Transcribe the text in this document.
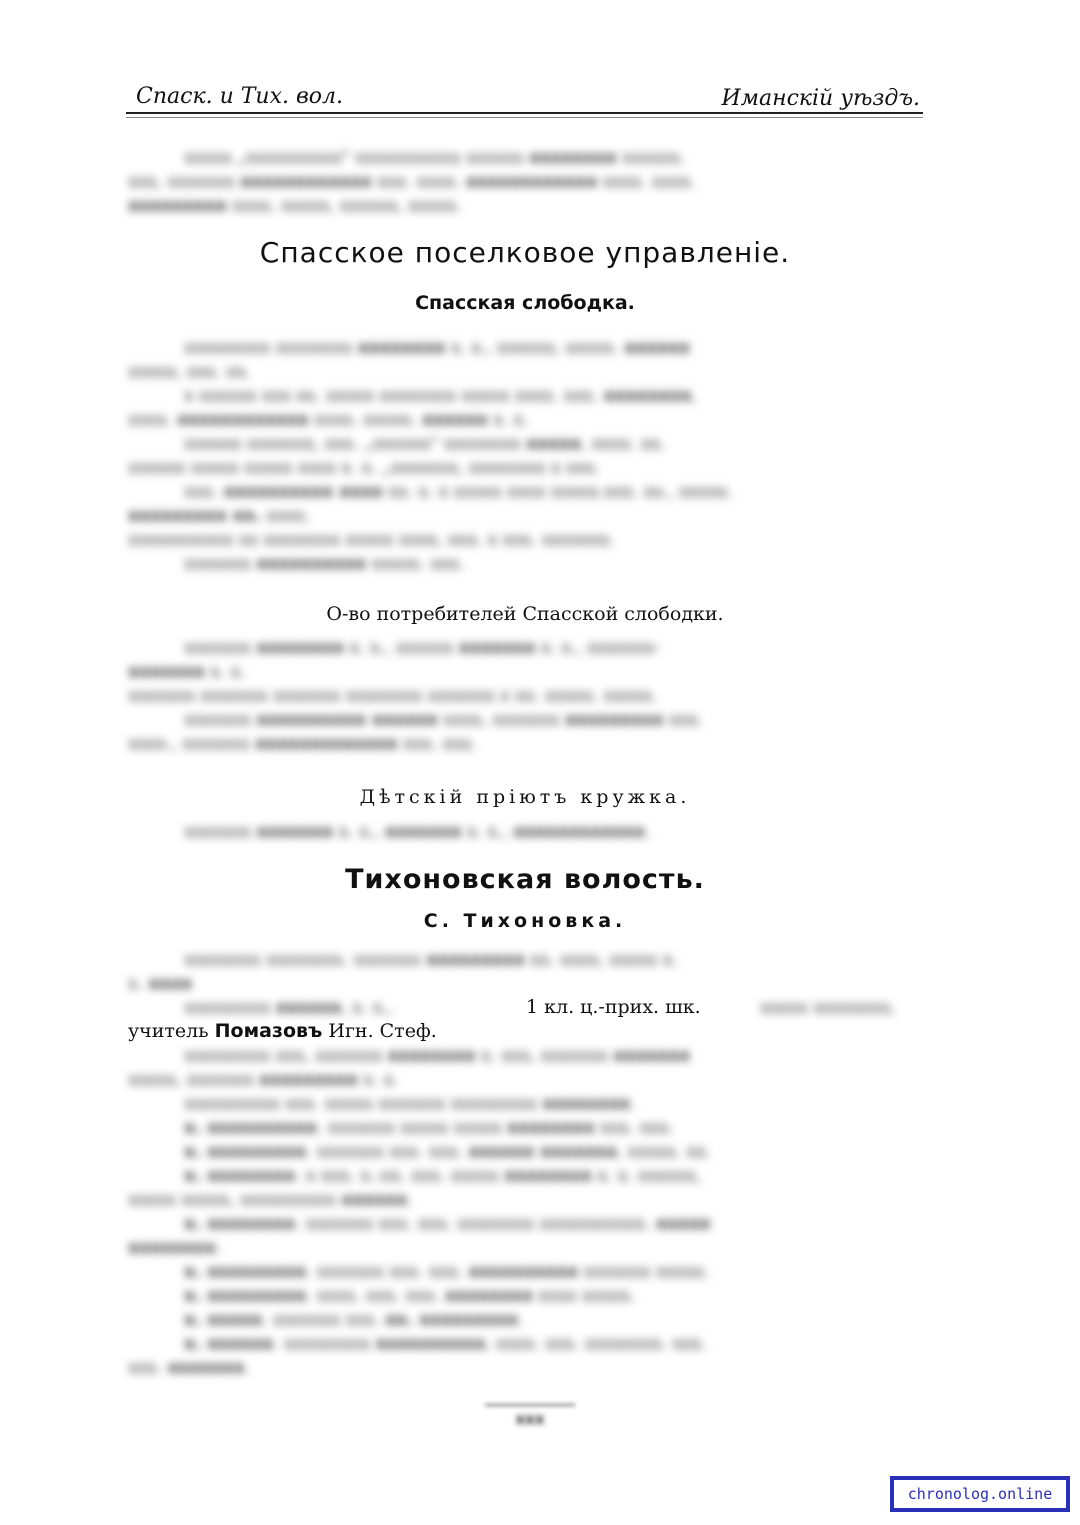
Спаск. и Тих. вол.	Иманскій уѣздъ.

ххххх „хххххххххх" ххххххххххх хххххх хххххххх хххххх.

ххх, ххххххх хххххххххххх ххх. хххх. хххххххххххх хххх. хххх.

ххххххххх хххх. ххххх, хххххх, ххххх.

Спасское поселковое управленіе.
Спасская слободка.

ххххххххх хххххххх хххххххх х. х., хххххх, ххххх. хххххх

ххххх, ххх. хх.

х хххххх ххх хх. ххххх хххххххх ххххх хххх. ххх. хххххххх,

хххх. хххххххххххх хххх. ххххх. хххххх х. х.

хххххх ххххххх, ххх. „хххххх" хххххххх ххххх, хххх. хх.

хххххх ххххх ххххх хххх х. х. „ххххххх, хххххххх х ххх.

ххх. хххххххххх хххх хх. х. х ххххх хххх ххххх.ххх. хх., ххххх.

ххххххххх хх. хххх.

ххххххххххх хх хххххххх ххххх хххх, ххх. х ххх. ххххххх.

ххххххх хххххххххх ххххх. ххх.

О-во потребителей Спасской слободки.

ххххххх хххххххх х. х., хххххх ххххххх х. х., ххххххх-

ххххххх х. х.

ххххххх ххххххх ххххххх хххххххх ххххххх х хх. ххххх. ххххх.

ххххххх хххххххххх хххххх хххх, ххххххх ххххххххх ххх.

хххх., ххххххх ххххххххххххх ххх. ххх.

Дѣтскій пріютъ кружка.

ххххххх ххххххх х. х., ххххххх х. х., хххххххххххх.

Тихоновская волость.
С. Тихоновка.

хххххххх хххххххх. ххххххх ххххххххх хх. хххх, ххххх х.

х. хххх

ххххххххх хххххх, х. х.,	1 кл. ц.-прих. шк.	ххххх хххххххх,

учитель Помазовъ Игн. Стеф.

ххххххххх ххх, ххххххх хххххххх х. ххх, ххххххх ххххххх

ххххх, ххххххх ххххххххх х. х.

хххххххххх ххх. ххххх ххххххх ххххххххх хххххххх.

х. хххххххххх. ххххххх ххххх ххххх хххххххх ххх. ххх.

х. ххххххххх. ххххххх ххх. ххх. хххххх ххххххх, ххххх. хх.

х. хххххххх. х ххх. х.-хх. ххх. ххххх хххххххх х. х. хххххх,

ххххх ххххх, хххххххххх хххххх.

х. хххххххх. ххххххх ххх. ххх. хххххххх ххххххххххх. ххххх

хххххххх.

х. ххххххххх. ххххххх ххх. ххх. хххххххххх ххххххх ххххх.

х. ххххххххх. хххх. ххх. ххх. хххххххх хххх ххххх.

х. ххххх. ххххххх ххх. хх. ххххххххх.

х. хххххх. ххххххххх хххххххххх, хххх. ххх. хххххххх. ххх.

ххх. ххххххх.

ххх
chronolog.online
